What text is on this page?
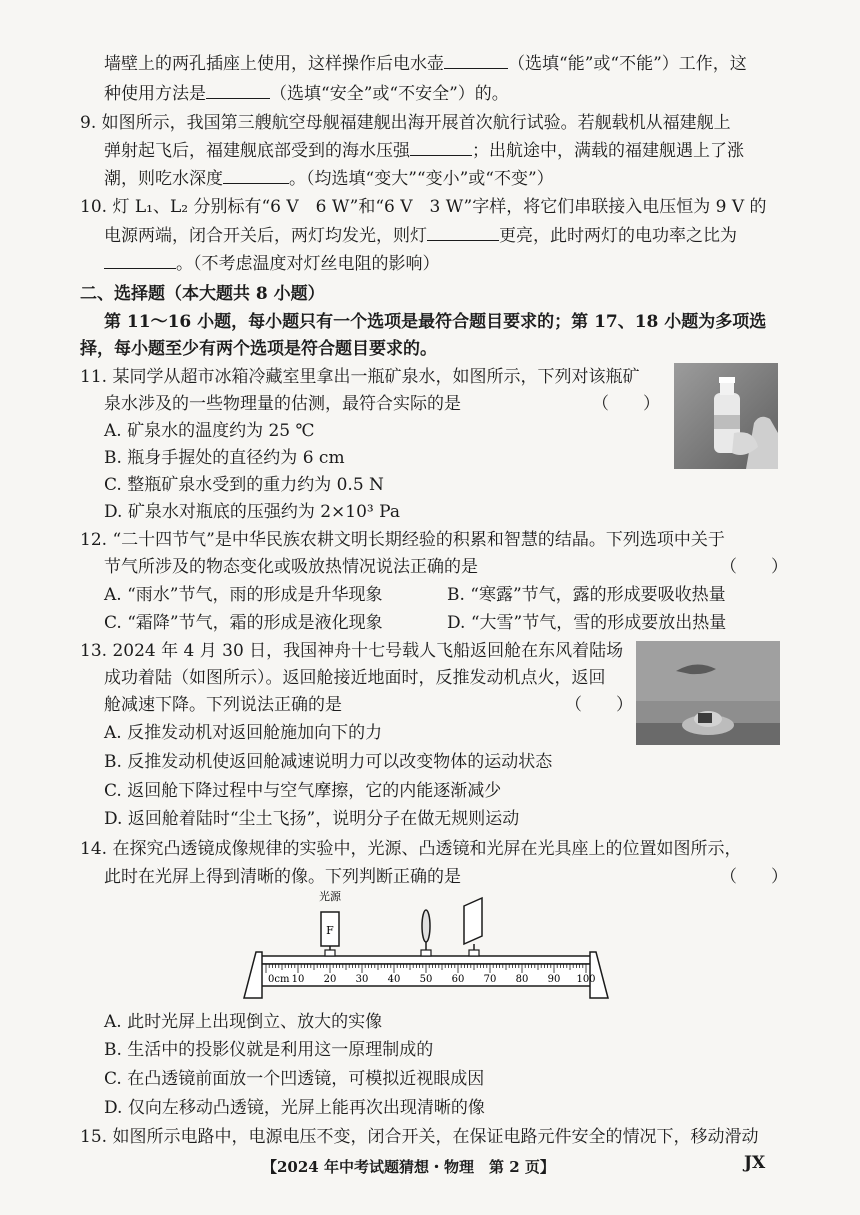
墙壁上的两孔插座上使用，这样操作后电水壶	（选填“能”或“不能”）工作，这
种使用方法是	（选填“安全”或“不安全”）的。
9. 如图所示，我国第三艘航空母舰福建舰出海开展首次航行试验。若舰载机从福建舰上
弹射起飞后，福建舰底部受到的海水压强	；出航途中，满载的福建舰遇上了涨
潮，则吃水深度	。（均选填“变大”“变小”或“不变”）
10. 灯 L₁、L₂ 分别标有“6 V　6 W”和“6 V　3 W”字样，将它们串联接入电压恒为 9 V 的
电源两端，闭合开关后，两灯均发光，则灯	更亮，此时两灯的电功率之比为
。（不考虑温度对灯丝电阻的影响）
二、选择题（本大题共 8 小题）
第 11～16 小题，每小题只有一个选项是最符合题目要求的；第 17、18 小题为多项选
择，每小题至少有两个选项是符合题目要求的。
11. 某同学从超市冰箱冷藏室里拿出一瓶矿泉水，如图所示，下列对该瓶矿
泉水涉及的一些物理量的估测，最符合实际的是	（　　）
A. 矿泉水的温度约为 25 ℃
B. 瓶身手握处的直径约为 6 cm
C. 整瓶矿泉水受到的重力约为 0.5 N
D. 矿泉水对瓶底的压强约为 2×10³ Pa
12. “二十四节气”是中华民族农耕文明长期经验的积累和智慧的结晶。下列选项中关于
节气所涉及的物态变化或吸放热情况说法正确的是	（　　）
A. “雨水”节气，雨的形成是升华现象	B. “寒露”节气，露的形成要吸收热量
C. “霜降”节气，霜的形成是液化现象	D. “大雪”节气，雪的形成要放出热量
13. 2024 年 4 月 30 日，我国神舟十七号载人飞船返回舱在东风着陆场
成功着陆（如图所示）。返回舱接近地面时，反推发动机点火，返回
舱减速下降。下列说法正确的是	（　　）
A. 反推发动机对返回舱施加向下的力
B. 反推发动机使返回舱减速说明力可以改变物体的运动状态
C. 返回舱下降过程中与空气摩擦，它的内能逐渐减少
D. 返回舱着陆时“尘土飞扬”，说明分子在做无规则运动
14. 在探究凸透镜成像规律的实验中，光源、凸透镜和光屏在光具座上的位置如图所示，
此时在光屏上得到清晰的像。下列判断正确的是	（　　）
0cm 10 20 30 40 50 60 70 80 90 100
光源
F
A. 此时光屏上出现倒立、放大的实像
B. 生活中的投影仪就是利用这一原理制成的
C. 在凸透镜前面放一个凹透镜，可模拟近视眼成因
D. 仅向左移动凸透镜，光屏上能再次出现清晰的像
15. 如图所示电路中，电源电压不变，闭合开关，在保证电路元件安全的情况下，移动滑动
【2024 年中考试题猜想・物理　第 2 页】	JX
